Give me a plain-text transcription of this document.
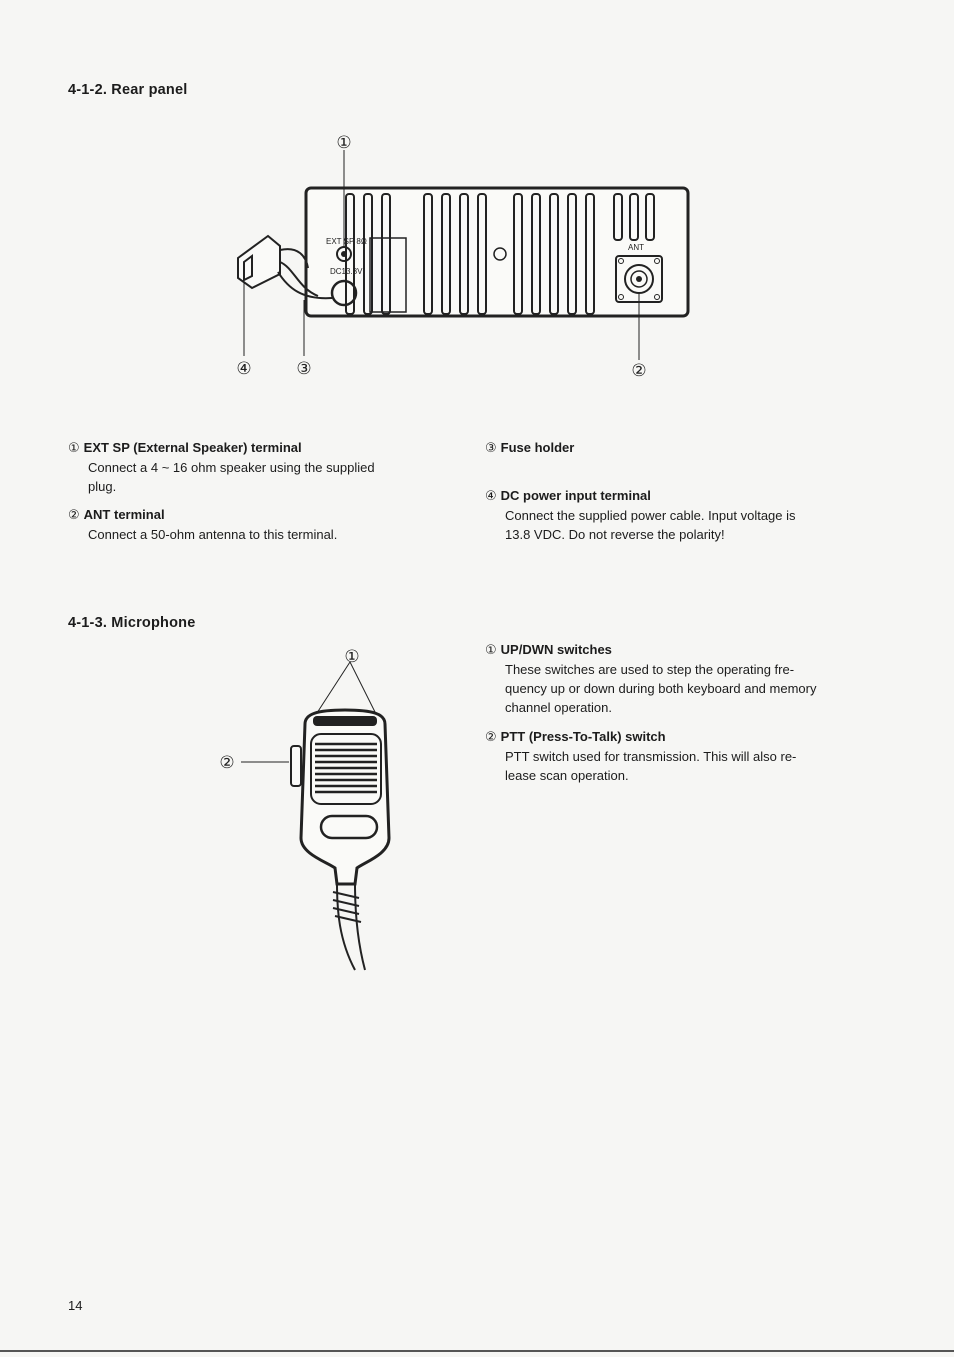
4-1-2. Rear panel
EXT SP 8Ω
DC13.8V
ANT
①
②
③
④
① EXT SP (External Speaker) terminal
Connect a 4 ~ 16 ohm speaker using the supplied
plug.
② ANT terminal
Connect a 50-ohm antenna to this terminal.
③ Fuse holder
④ DC power input terminal
Connect the supplied power cable. Input voltage is
13.8 VDC. Do not reverse the polarity!
4-1-3. Microphone
①
②
① UP/DWN switches
These switches are used to step the operating fre-
quency up or down during both keyboard and memory
channel operation.
② PTT (Press-To-Talk) switch
PTT switch used for transmission. This will also re-
lease scan operation.
14
